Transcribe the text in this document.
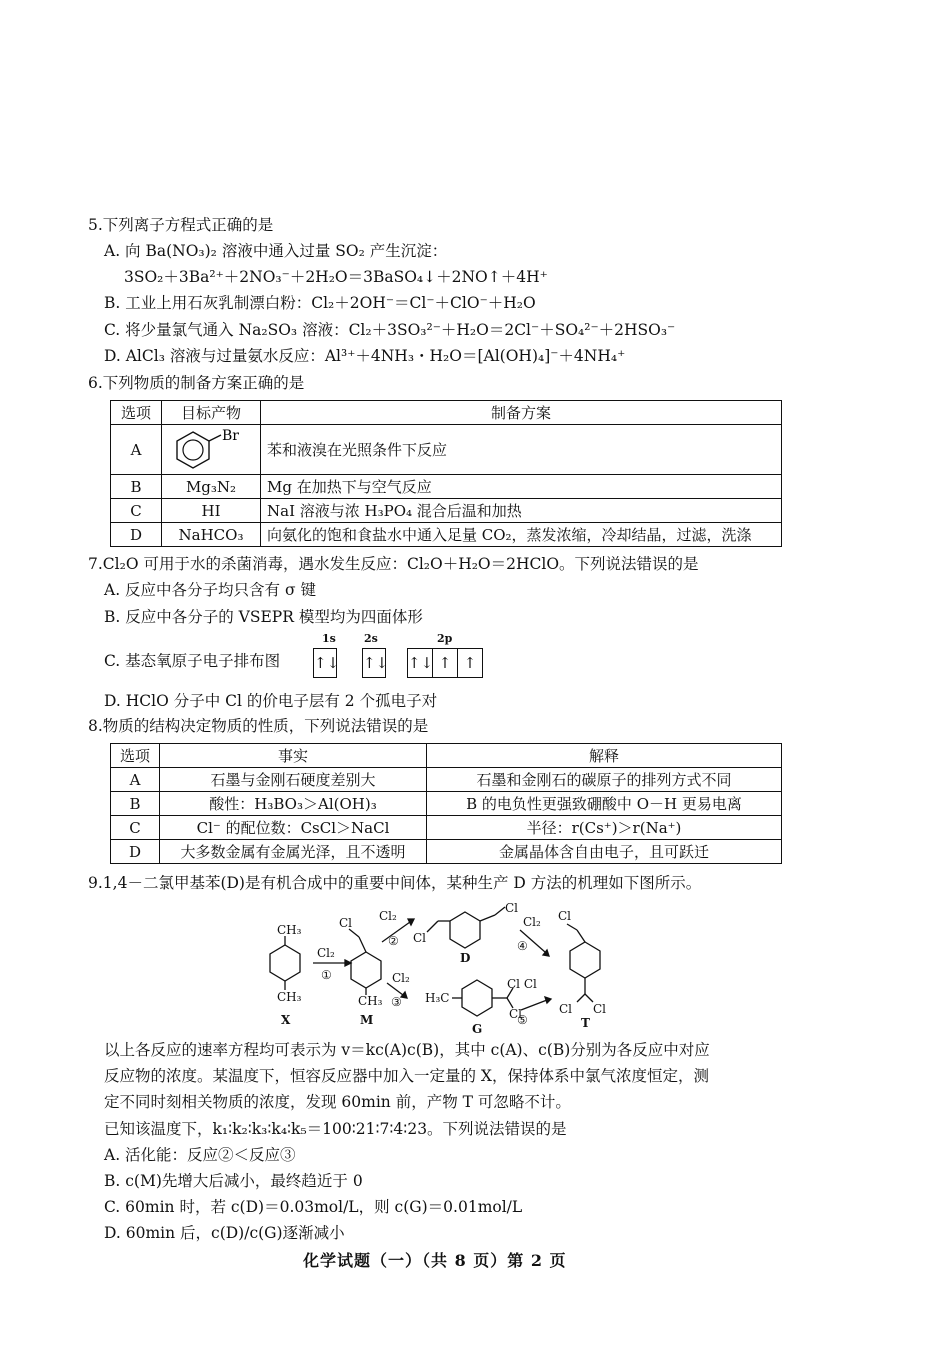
5.下列离子方程式正确的是
A. 向 Ba(NO₃)₂ 溶液中通入过量 SO₂ 产生沉淀：
3SO₂＋3Ba²⁺＋2NO₃⁻＋2H₂O＝3BaSO₄↓＋2NO↑＋4H⁺
B. 工业上用石灰乳制漂白粉：Cl₂＋2OH⁻＝Cl⁻＋ClO⁻＋H₂O
C. 将少量氯气通入 Na₂SO₃ 溶液：Cl₂＋3SO₃²⁻＋H₂O＝2Cl⁻＋SO₄²⁻＋2HSO₃⁻
D. AlCl₃ 溶液与过量氨水反应：Al³⁺＋4NH₃・H₂O＝[Al(OH)₄]⁻＋4NH₄⁺
6.下列物质的制备方案正确的是
选项	目标产物	制备方案
A	Br	苯和液溴在光照条件下反应
B	Mg₃N₂	Mg 在加热下与空气反应
C	HI	NaI 溶液与浓 H₃PO₄ 混合后温和加热
D	NaHCO₃	向氨化的饱和食盐水中通入足量 CO₂，蒸发浓缩，冷却结晶，过滤，洗涤
7.Cl₂O 可用于水的杀菌消毒，遇水发生反应：Cl₂O＋H₂O＝2HClO。下列说法错误的是
A. 反应中各分子均只含有 σ 键
B. 反应中各分子的 VSEPR 模型均为四面体形
C. 基态氧原子电子排布图
1s	2s	2p
↑↓ ↑↓ ↑↓ ↑ ↑
D. HClO 分子中 Cl 的价电子层有 2 个孤电子对
8.物质的结构决定物质的性质，下列说法错误的是
选项	事实	解释
A	石墨与金刚石硬度差别大	石墨和金刚石的碳原子的排列方式不同
B	酸性：H₃BO₃＞Al(OH)₃	B 的电负性更强致硼酸中 O－H 更易电离
C	Cl⁻ 的配位数：CsCl＞NaCl	半径：r(Cs⁺)＞r(Na⁺)
D	大多数金属有金属光泽，且不透明	金属晶体含自由电子，且可跃迁
9.1,4－二氯甲基苯(D)是有机合成中的重要中间体，某种生产 D 方法的机理如下图所示。
CH₃
CH₃
X
Cl₂
①
Cl
CH₃
M
Cl₂
② Cl
Cl
D
Cl₂
④
Cl₂
③ H₃C
Cl Cl
Cl
G
⑤
Cl
Cl Cl
T
以上各反应的速率方程均可表示为 v＝kc(A)c(B)，其中 c(A)、c(B)分别为各反应中对应
反应物的浓度。某温度下，恒容反应器中加入一定量的 X，保持体系中氯气浓度恒定，测
定不同时刻相关物质的浓度，发现 60min 前，产物 T 可忽略不计。
已知该温度下，k₁∶k₂∶k₃∶k₄∶k₅＝100∶21∶7∶4∶23。下列说法错误的是
A. 活化能：反应②＜反应③
B. c(M)先增大后减小，最终趋近于 0
C. 60min 时，若 c(D)＝0.03mol/L，则 c(G)＝0.01mol/L
D. 60min 后，c(D)/c(G)逐渐减小
化学试题（一）（共 8 页）第 2 页
